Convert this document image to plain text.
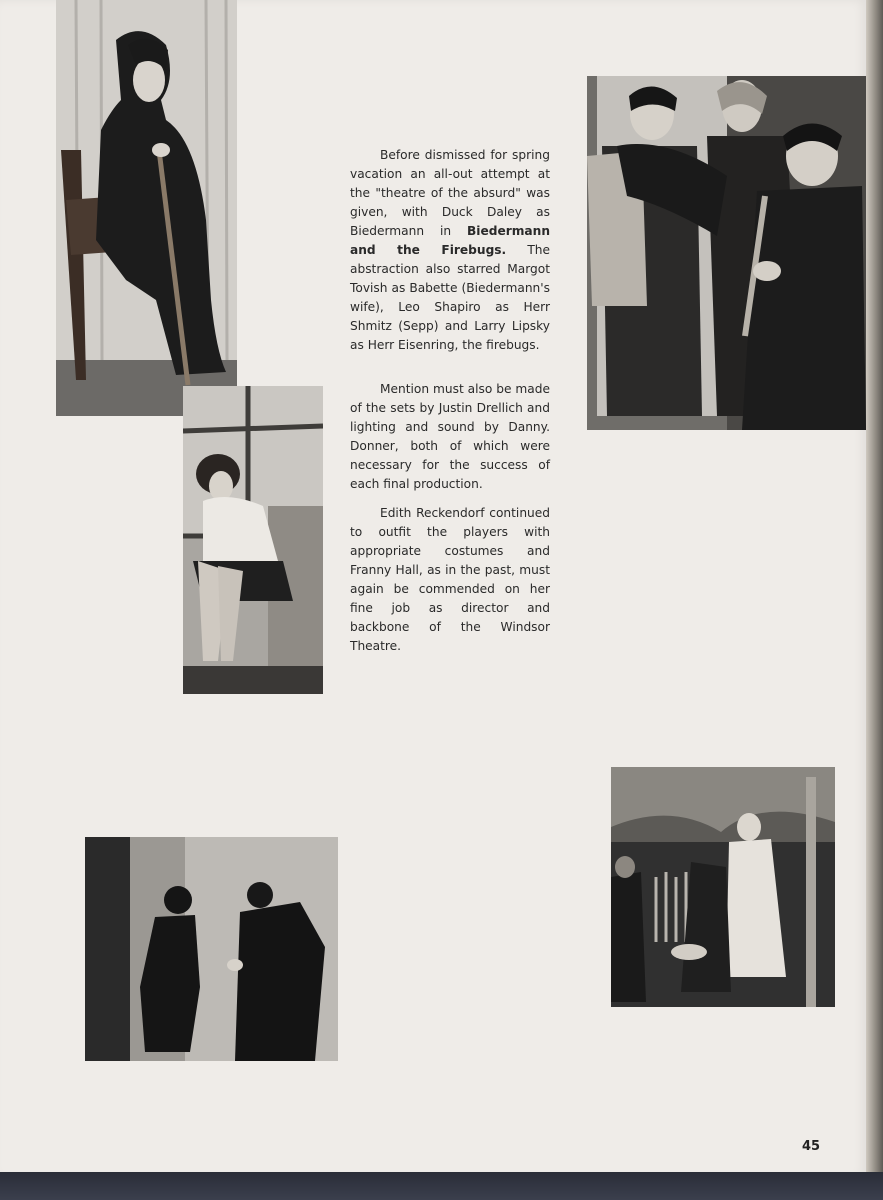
Before dismissed for spring vacation an all-out attempt at the "theatre of the absurd" was given, with Duck Daley as Biedermann in Biedermann and the Firebugs. The abstraction also starred Margot Tovish as Babette (Biedermann's wife), Leo Shapiro as Herr Shmitz (Sepp) and Larry Lipsky as Herr Eisenring, the firebugs.

Mention must also be made of the sets by Justin Drellich and lighting and sound by Danny. Donner, both of which were necessary for the success of each final production.

Edith Reckendorf continued to outfit the players with appropriate costumes and Franny Hall, as in the past, must again be commended on her fine job as director and backbone of the Windsor Theatre.

45
